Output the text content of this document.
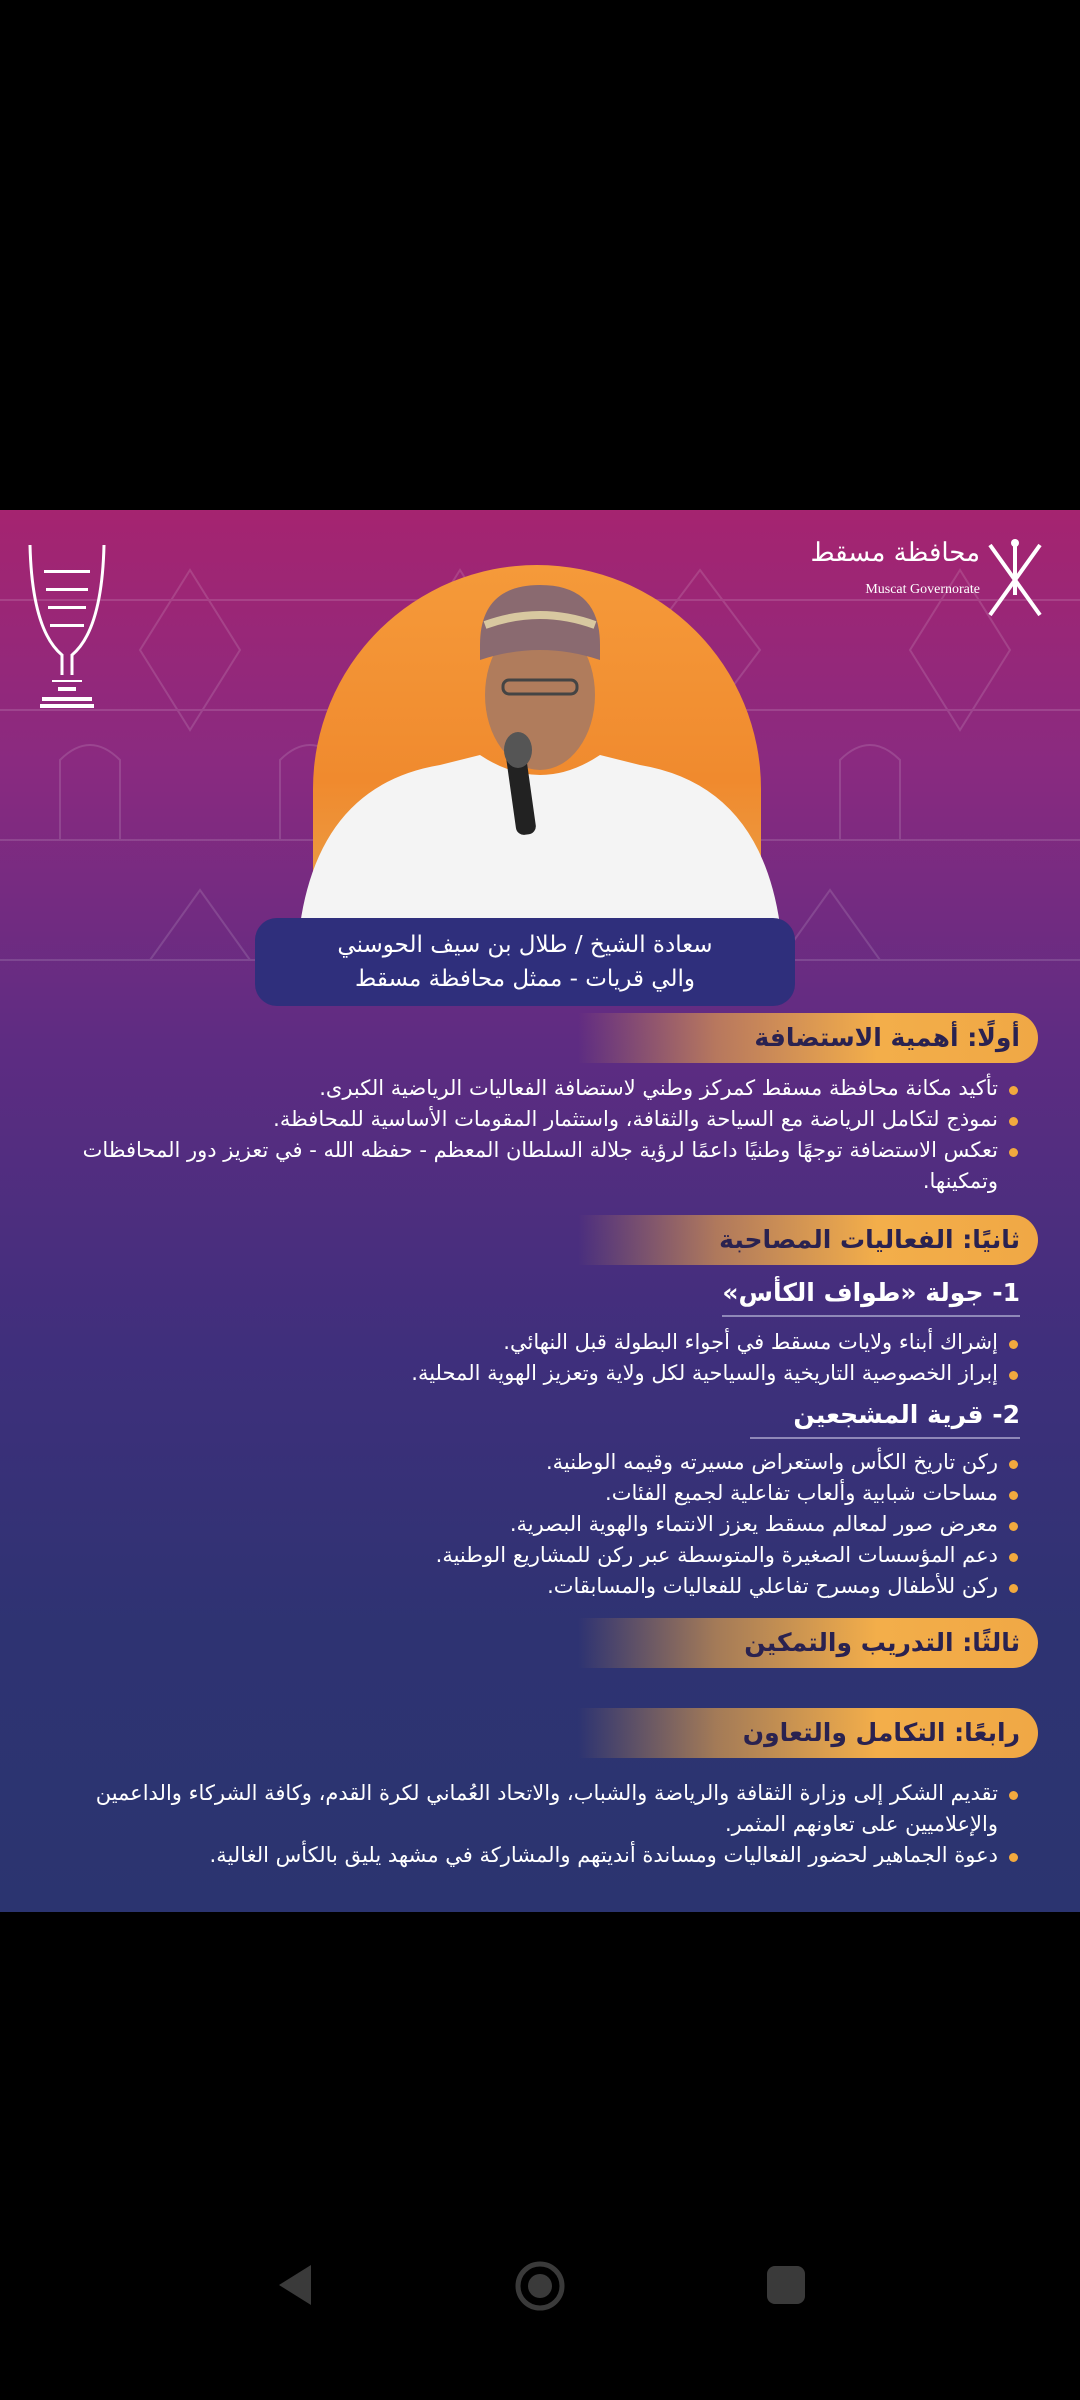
محافظة مسقط
Muscat Governorate
سعادة الشيخ / طلال بن سيف الحوسني
والي قريات - ممثل محافظة مسقط
أولًا: أهمية الاستضافة
تأكيد مكانة محافظة مسقط كمركز وطني لاستضافة الفعاليات الرياضية الكبرى.
نموذج لتكامل الرياضة مع السياحة والثقافة، واستثمار المقومات الأساسية للمحافظة.
تعكس الاستضافة توجهًا وطنيًا داعمًا لرؤية جلالة السلطان المعظم - حفظه الله - في تعزيز دور المحافظات وتمكينها.
ثانيًا: الفعاليات المصاحبة
1- جولة «طواف الكأس»
إشراك أبناء ولايات مسقط في أجواء البطولة قبل النهائي.
إبراز الخصوصية التاريخية والسياحية لكل ولاية وتعزيز الهوية المحلية.
2- قرية المشجعين
ركن تاريخ الكأس واستعراض مسيرته وقيمه الوطنية.
مساحات شبابية وألعاب تفاعلية لجميع الفئات.
معرض صور لمعالم مسقط يعزز الانتماء والهوية البصرية.
دعم المؤسسات الصغيرة والمتوسطة عبر ركن للمشاريع الوطنية.
ركن للأطفال ومسرح تفاعلي للفعاليات والمسابقات.
ثالثًا: التدريب والتمكين
رابعًا: التكامل والتعاون
تقديم الشكر إلى وزارة الثقافة والرياضة والشباب، والاتحاد العُماني لكرة القدم، وكافة الشركاء والداعمين والإعلاميين على تعاونهم المثمر.
دعوة الجماهير لحضور الفعاليات ومساندة أنديتهم والمشاركة في مشهد يليق بالكأس الغالية.
